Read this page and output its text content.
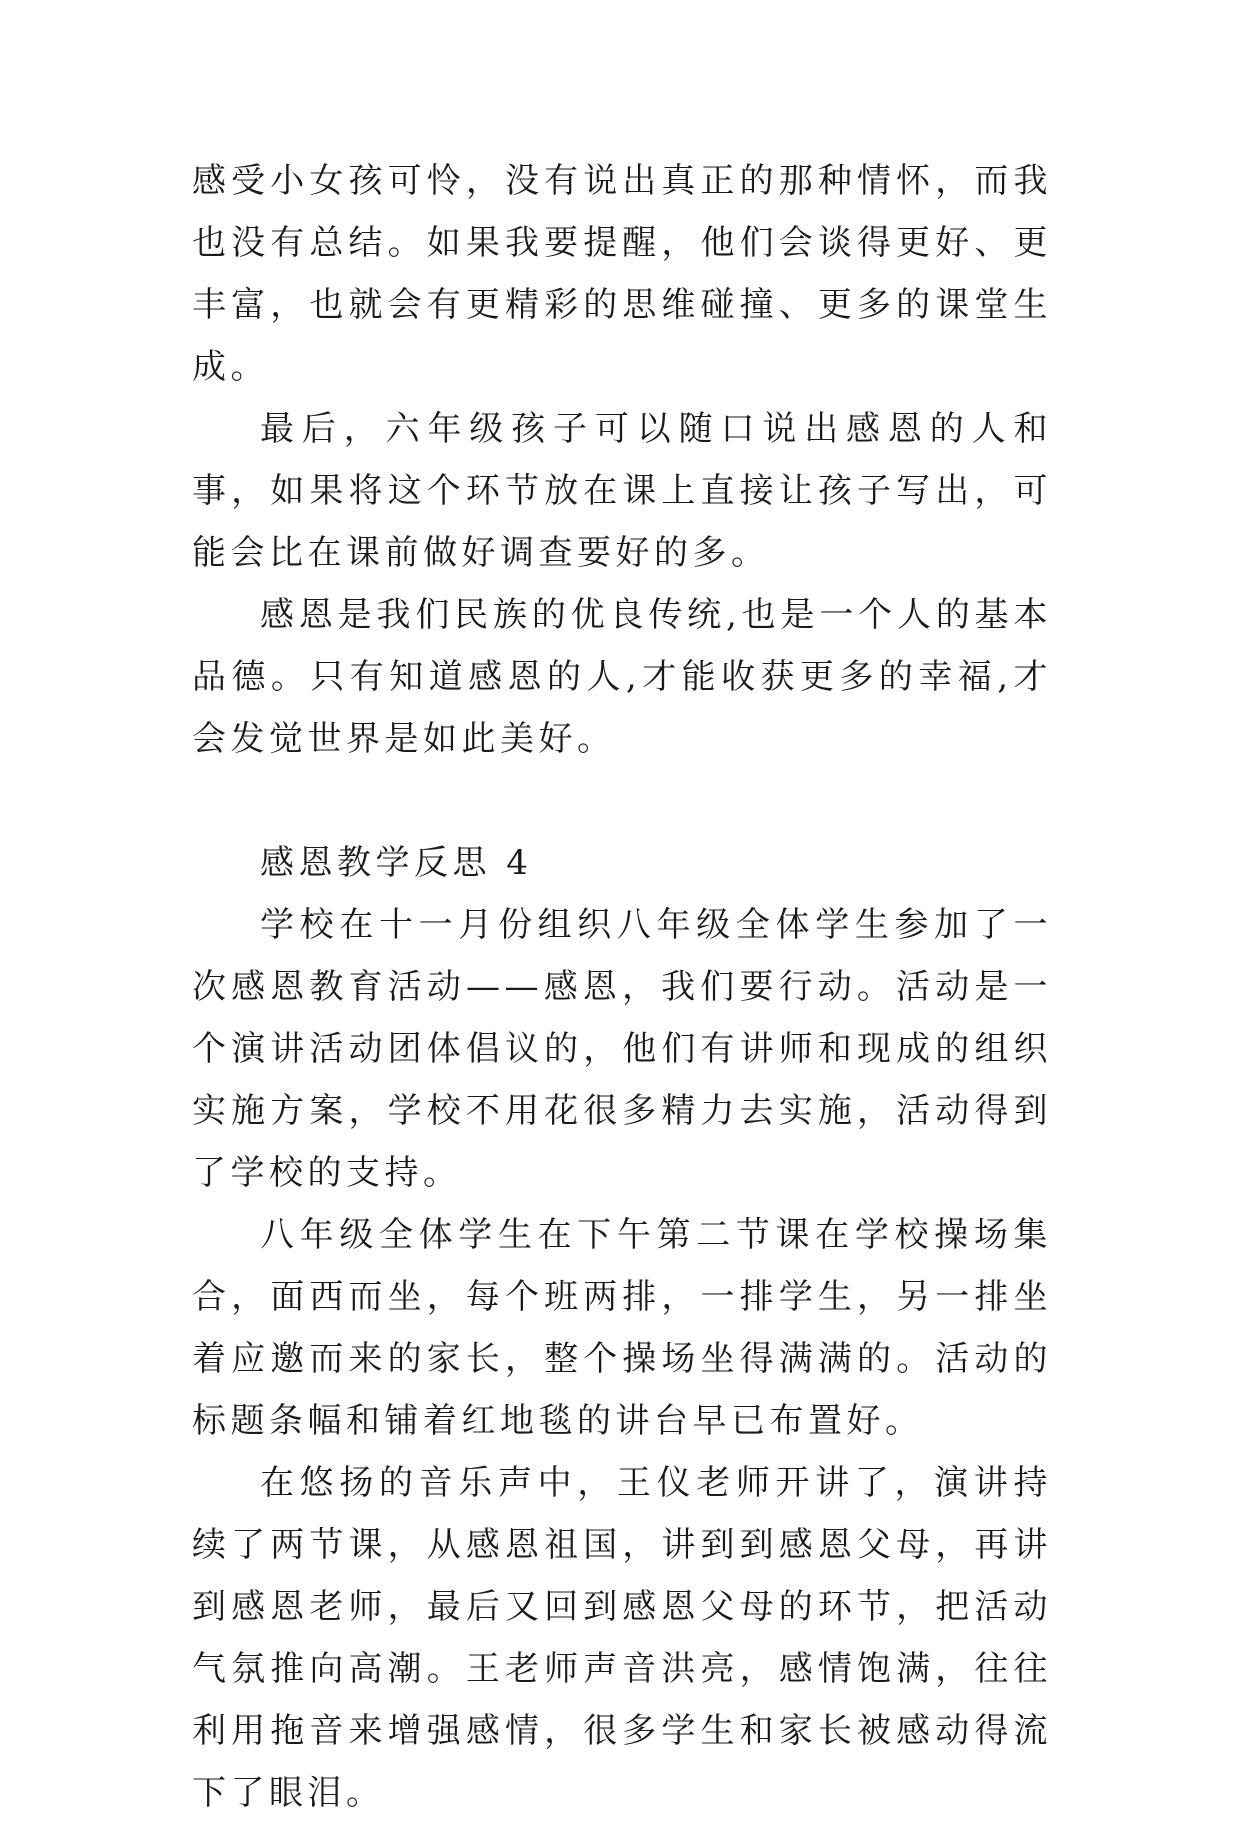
感受小女孩可怜，没有说出真正的那种情怀，而我也没有总结。如果我要提醒，他们会谈得更好、更丰富，也就会有更精彩的思维碰撞、更多的课堂生成。

最后，六年级孩子可以随口说出感恩的人和事，如果将这个环节放在课上直接让孩子写出，可能会比在课前做好调查要好的多。

感恩是我们民族的优良传统,也是一个人的基本品德。只有知道感恩的人,才能收获更多的幸福,才会发觉世界是如此美好。

感恩教学反思 4

学校在十一月份组织八年级全体学生参加了一次感恩教育活动——感恩，我们要行动。活动是一个演讲活动团体倡议的，他们有讲师和现成的组织实施方案，学校不用花很多精力去实施，活动得到了学校的支持。

八年级全体学生在下午第二节课在学校操场集合，面西而坐，每个班两排，一排学生，另一排坐着应邀而来的家长，整个操场坐得满满的。活动的标题条幅和铺着红地毯的讲台早已布置好。

在悠扬的音乐声中，王仪老师开讲了，演讲持续了两节课，从感恩祖国，讲到到感恩父母，再讲到感恩老师，最后又回到感恩父母的环节，把活动气氛推向高潮。王老师声音洪亮，感情饱满，往往利用拖音来增强感情，很多学生和家长被感动得流下了眼泪。
